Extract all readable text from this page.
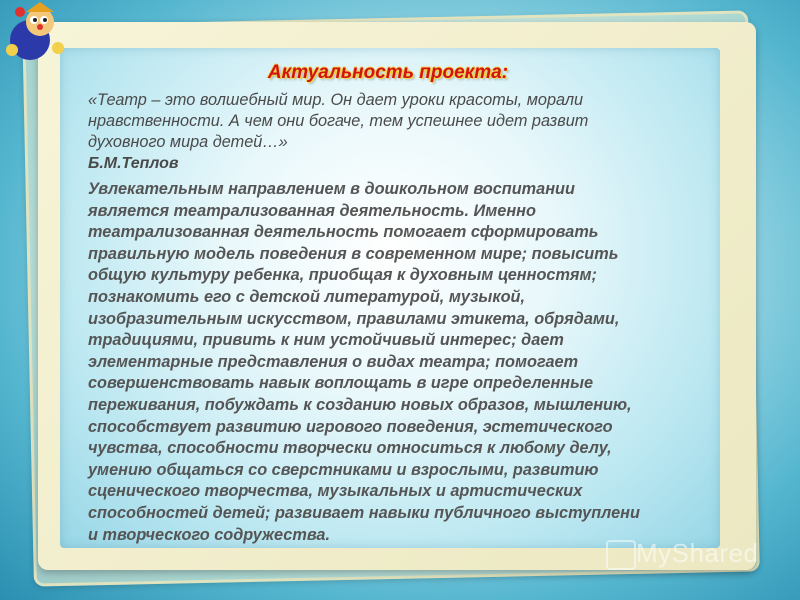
Актуальность проекта:

«Театр – это волшебный мир. Он дает уроки красоты, морали
нравственности. А чем они богаче, тем успешнее идет развит
духовного мира детей…»

Б.М.Теплов

Увлекательным направлением в дошкольном воспитании
является театрализованная деятельность. Именно
театрализованная деятельность помогает сформировать
правильную модель поведения в современном мире; повысить
общую культуру ребенка, приобщая к духовным ценностям;
познакомить его с детской литературой, музыкой,
изобразительным искусством, правилами этикета, обрядами,
традициями, привить к ним устойчивый интерес; дает
элементарные представления о видах театра; помогает
совершенствовать навык воплощать в игре определенные
переживания, побуждать к созданию новых образов, мышлению,
способствует развитию игрового поведения, эстетического
чувства, способности творчески относиться к любому делу,
умению общаться со сверстниками и взрослыми, развитию
сценического творчества, музыкальных и артистических
способностей детей; развивает навыки публичного выступлени
и творческого содружества.

MyShared
